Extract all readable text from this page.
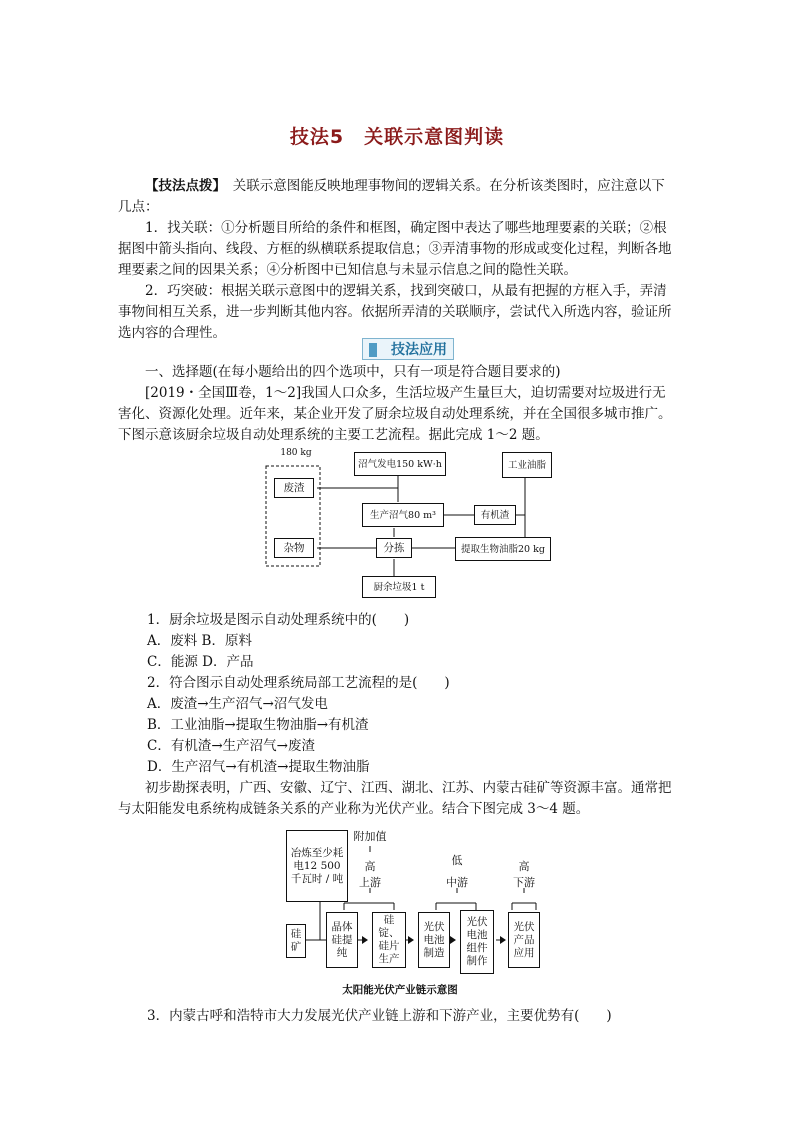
技法5　关联示意图判读
【技法点拨】　关联示意图能反映地理事物间的逻辑关系。在分析该类图时，应注意以下几点：
1．找关联：①分析题目所给的条件和框图，确定图中表达了哪些地理要素的关联；②根据图中箭头指向、线段、方框的纵横联系提取信息；③弄清事物的形成或变化过程，判断各地理要素之间的因果关系；④分析图中已知信息与未显示信息之间的隐性关联。
2．巧突破：根据关联示意图中的逻辑关系，找到突破口，从最有把握的方框入手，弄清事物间相互关系，进一步判断其他内容。依据所弄清的关联顺序，尝试代入所选内容，验证所选内容的合理性。
技法应用
一、选择题(在每小题给出的四个选项中，只有一项是符合题目要求的)
[2019・全国Ⅲ卷，1～2]我国人口众多，生活垃圾产生量巨大，迫切需要对垃圾进行无害化、资源化处理。近年来，某企业开发了厨余垃圾自动处理系统，并在全国很多城市推广。下图示意该厨余垃圾自动处理系统的主要工艺流程。据此完成 1～2 题。
180 kg
废渣
杂物
沼气发电150 kW·h
生产沼气80 m³	有机渣
分拣	提取生物油脂20 kg
工业油脂
厨余垃圾1 t
1．厨余垃圾是图示自动处理系统中的(　　)
A．废料 B．原料
C．能源 D．产品
2．符合图示自动处理系统局部工艺流程的是(　　)
A．废渣→生产沼气→沼气发电
B．工业油脂→提取生物油脂→有机渣
C．有机渣→生产沼气→废渣
D．生产沼气→有机渣→提取生物油脂
初步勘探表明，广西、安徽、辽宁、江西、湖北、江苏、内蒙古硅矿等资源丰富。通常把与太阳能发电系统构成链条关系的产业称为光伏产业。结合下图完成 3～4 题。
冶炼至少耗电12 500千瓦时 / 吨
附加值
高
上游
低
中游
高
下游
硅矿
晶体硅提纯
硅锭、硅片生产
光伏电池制造
光伏电池组件制作
光伏产品应用
太阳能光伏产业链示意图
3．内蒙古呼和浩特市大力发展光伏产业链上游和下游产业，主要优势有(　　)
